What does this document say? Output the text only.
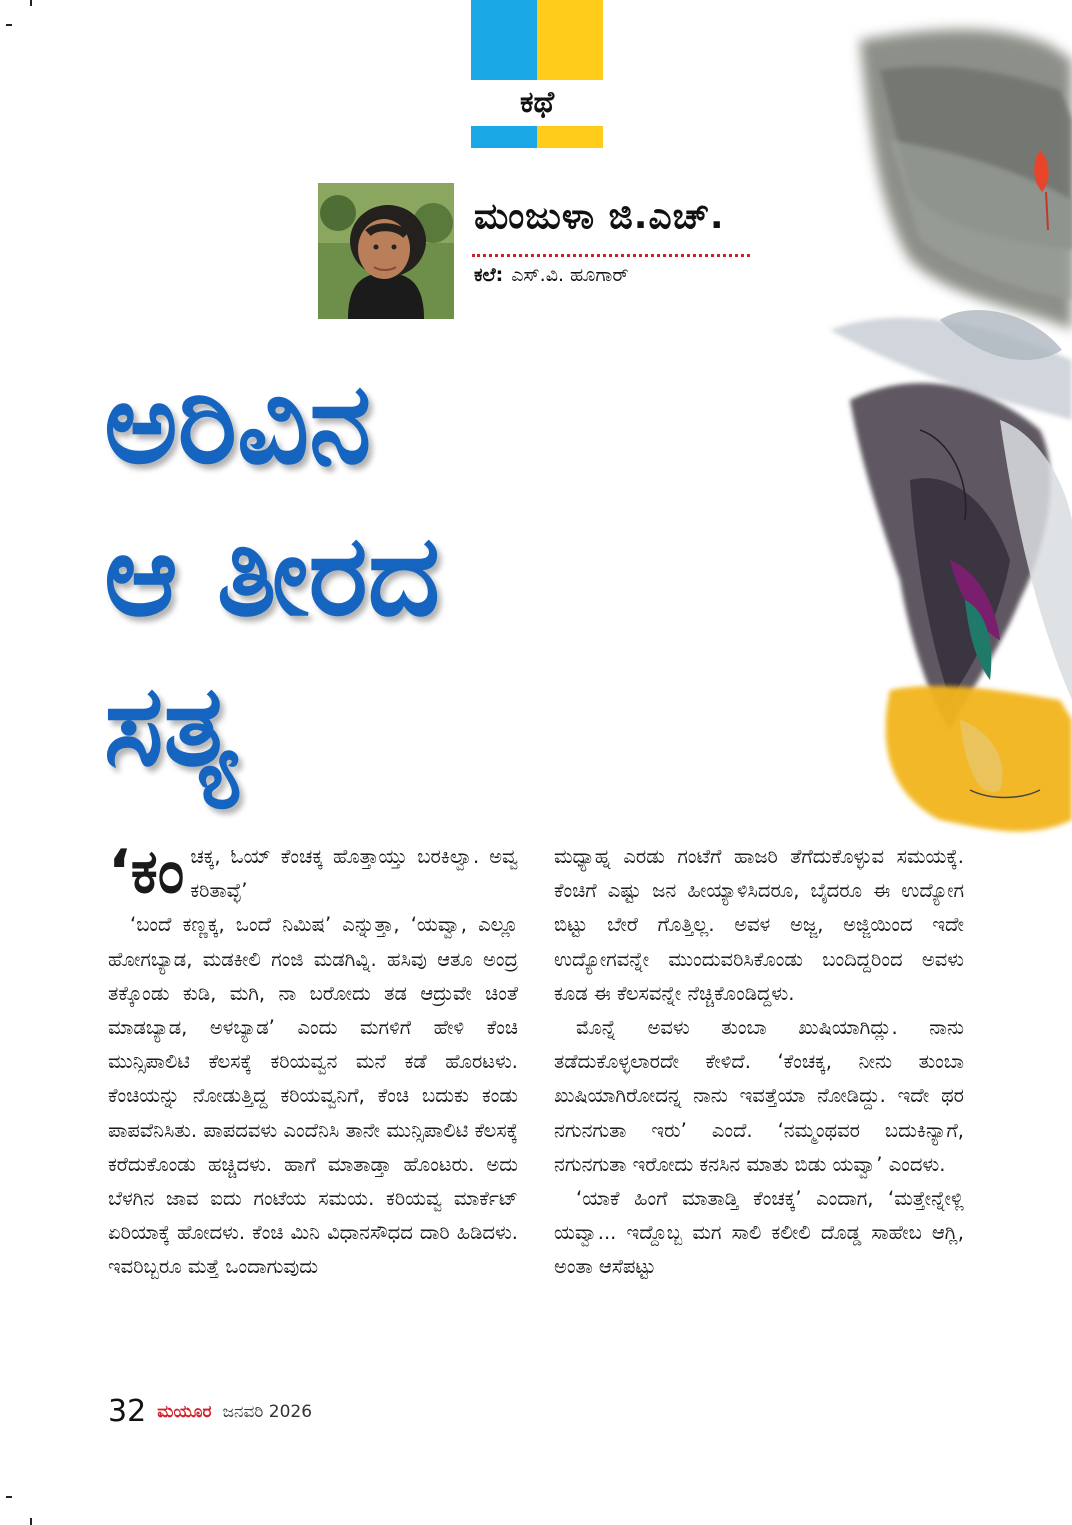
ಕಥೆ
ಮಂಜುಳಾ ಜಿ.ಎಚ್.
ಕಲೆ: ಎಸ್.ವಿ. ಹೂಗಾರ್
ಅರಿವಿನ
ಆ ತೀರದ
ಸತ್ಯ

‘ಕಂಚಕ್ಕ, ಓಯ್ ಕೆಂಚಕ್ಕ ಹೊತ್ತಾಯ್ತು ಬರಕಿಲ್ವಾ. ಅವ್ವ ಕರಿತಾವ್ಳೆ’

‘ಬಂದೆ ಕಣ್ಣಕ್ಕ, ಒಂದೆ ನಿಮಿಷ’ ಎನ್ನುತ್ತಾ, ‘ಯವ್ವಾ, ಎಲ್ಲೂ ಹೋಗಬ್ಯಾಡ, ಮಡಕೀಲಿ ಗಂಜಿ ಮಡಗಿವ್ನಿ. ಹಸಿವು ಆತೂ ಅಂದ್ರ ತಕ್ಕೊಂಡು ಕುಡಿ, ಮಗಿ, ನಾ ಬರೋದು ತಡ ಆದ್ರುವೇ ಚಿಂತೆ ಮಾಡಬ್ಯಾಡ, ಅಳಬ್ಯಾಡ’ ಎಂದು ಮಗಳಿಗೆ ಹೇಳಿ ಕೆಂಚಿ ಮುನ್ಸಿಪಾಲಿಟಿ ಕೆಲಸಕ್ಕೆ ಕರಿಯವ್ವನ ಮನೆ ಕಡೆ ಹೊರಟಳು. ಕೆಂಚಿಯನ್ನು ನೋಡುತ್ತಿದ್ದ ಕರಿಯವ್ವನಿಗೆ, ಕೆಂಚಿ ಬದುಕು ಕಂಡು ಪಾಪವೆನಿಸಿತು. ಪಾಪದವಳು ಎಂದೆನಿಸಿ ತಾನೇ ಮುನ್ಸಿಪಾಲಿಟಿ ಕೆಲಸಕ್ಕೆ ಕರೆದುಕೊಂಡು ಹಚ್ಚಿದಳು. ಹಾಗೆ ಮಾತಾಡ್ತಾ ಹೊಂಟರು. ಅದು ಬೆಳಗಿನ ಜಾವ ಐದು ಗಂಟೆಯ ಸಮಯ. ಕರಿಯವ್ವ ಮಾರ್ಕೆಟ್ ಏರಿಯಾಕ್ಕೆ ಹೋದಳು. ಕೆಂಚಿ ಮಿನಿ ವಿಧಾನಸೌಧದ ದಾರಿ ಹಿಡಿದಳು. ಇವರಿಬ್ಬರೂ ಮತ್ತೆ ಒಂದಾಗುವುದು

ಮಧ್ಯಾಹ್ನ ಎರಡು ಗಂಟೆಗೆ ಹಾಜರಿ ತೆಗೆದುಕೊಳ್ಳುವ ಸಮಯಕ್ಕೆ. ಕೆಂಚಿಗೆ ಎಷ್ಟು ಜನ ಹೀಯ್ಯಾಳಿಸಿದರೂ, ಬೈದರೂ ಈ ಉದ್ಯೋಗ ಬಿಟ್ಟು ಬೇರೆ ಗೊತ್ತಿಲ್ಲ. ಅವಳ ಅಜ್ಜ, ಅಜ್ಜಿಯಿಂದ ಇದೇ ಉದ್ಯೋಗವನ್ನೇ ಮುಂದುವರಿಸಿಕೊಂಡು ಬಂದಿದ್ದರಿಂದ ಅವಳು ಕೂಡ ಈ ಕೆಲಸವನ್ನೇ ನೆಚ್ಚಿಕೊಂಡಿದ್ದಳು.

ಮೊನ್ನೆ ಅವಳು ತುಂಬಾ ಖುಷಿಯಾಗಿದ್ಲು. ನಾನು ತಡೆದುಕೊಳ್ಳಲಾರದೇ ಕೇಳಿದೆ. ‘ಕೆಂಚಕ್ಕ, ನೀನು ತುಂಬಾ ಖುಷಿಯಾಗಿರೋದನ್ನ ನಾನು ಇವತ್ತೆಯಾ ನೋಡಿದ್ದು. ಇದೇ ಥರ ನಗುನಗುತಾ ಇರು’ ಎಂದೆ. ‘ನಮ್ಮಂಥವರ ಬದುಕಿನ್ಯಾಗೆ, ನಗುನಗುತಾ ಇರೋದು ಕನಸಿನ ಮಾತು ಬಿಡು ಯವ್ವಾ’ ಎಂದಳು.

‘ಯಾಕೆ ಹಿಂಗೆ ಮಾತಾಡ್ತಿ ಕೆಂಚಕ್ಕ’ ಎಂದಾಗ, ‘ಮತ್ತೇನ್ನೇಳ್ಲಿ ಯವ್ವಾ... ಇದ್ದೊಬ್ಬ ಮಗ ಸಾಲಿ ಕಲೀಲಿ ದೊಡ್ಡ ಸಾಹೇಬ ಆಗ್ಲಿ, ಅಂತಾ ಆಸೆಪಟ್ಟು

32 ಮಯೂರ ಜನವರಿ 2026
